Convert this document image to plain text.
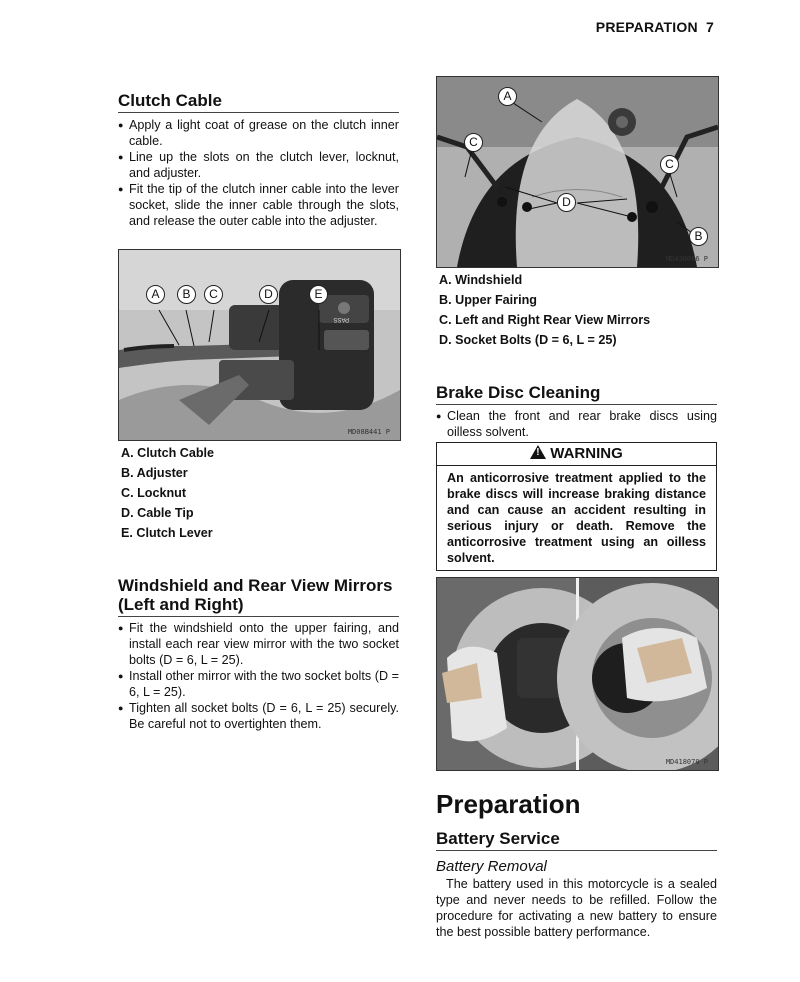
PREPARATION 7
Clutch Cable
● Apply a light coat of grease on the clutch inner cable.
● Line up the slots on the clutch lever, locknut, and adjuster.
● Fit the tip of the clutch inner cable into the lever socket, slide the inner cable through the slots, and release the outer cable into the adjuster.
PASS
A	B	C	D	E
MD08B441 P
A. Clutch Cable
B. Adjuster
C. Locknut
D. Cable Tip
E. Clutch Lever
Windshield and Rear View Mirrors
(Left and Right)
● Fit the windshield onto the upper fairing, and install each rear view mirror with the two socket bolts (D = 6, L = 25).
● Install other mirror with the two socket bolts (D = 6, L = 25).
● Tighten all socket bolts (D = 6, L = 25) securely. Be careful not to overtighten them.
A
C
C
D
B
MD43B086 P
A. Windshield
B. Upper Fairing
C. Left and Right Rear View Mirrors
D. Socket Bolts (D = 6, L = 25)
Brake Disc Cleaning
● Clean the front and rear brake discs using oilless solvent.
!WARNING
An anticorrosive treatment applied to the brake discs will increase braking distance and can cause an accident resulting in serious injury or death. Remove the anticorrosive treatment using an oilless solvent.
MD418070 P
Preparation
Battery Service
Battery Removal

The battery used in this motorcycle is a sealed type and never needs to be refilled. Follow the procedure for activating a new battery to ensure the best possible battery performance.
